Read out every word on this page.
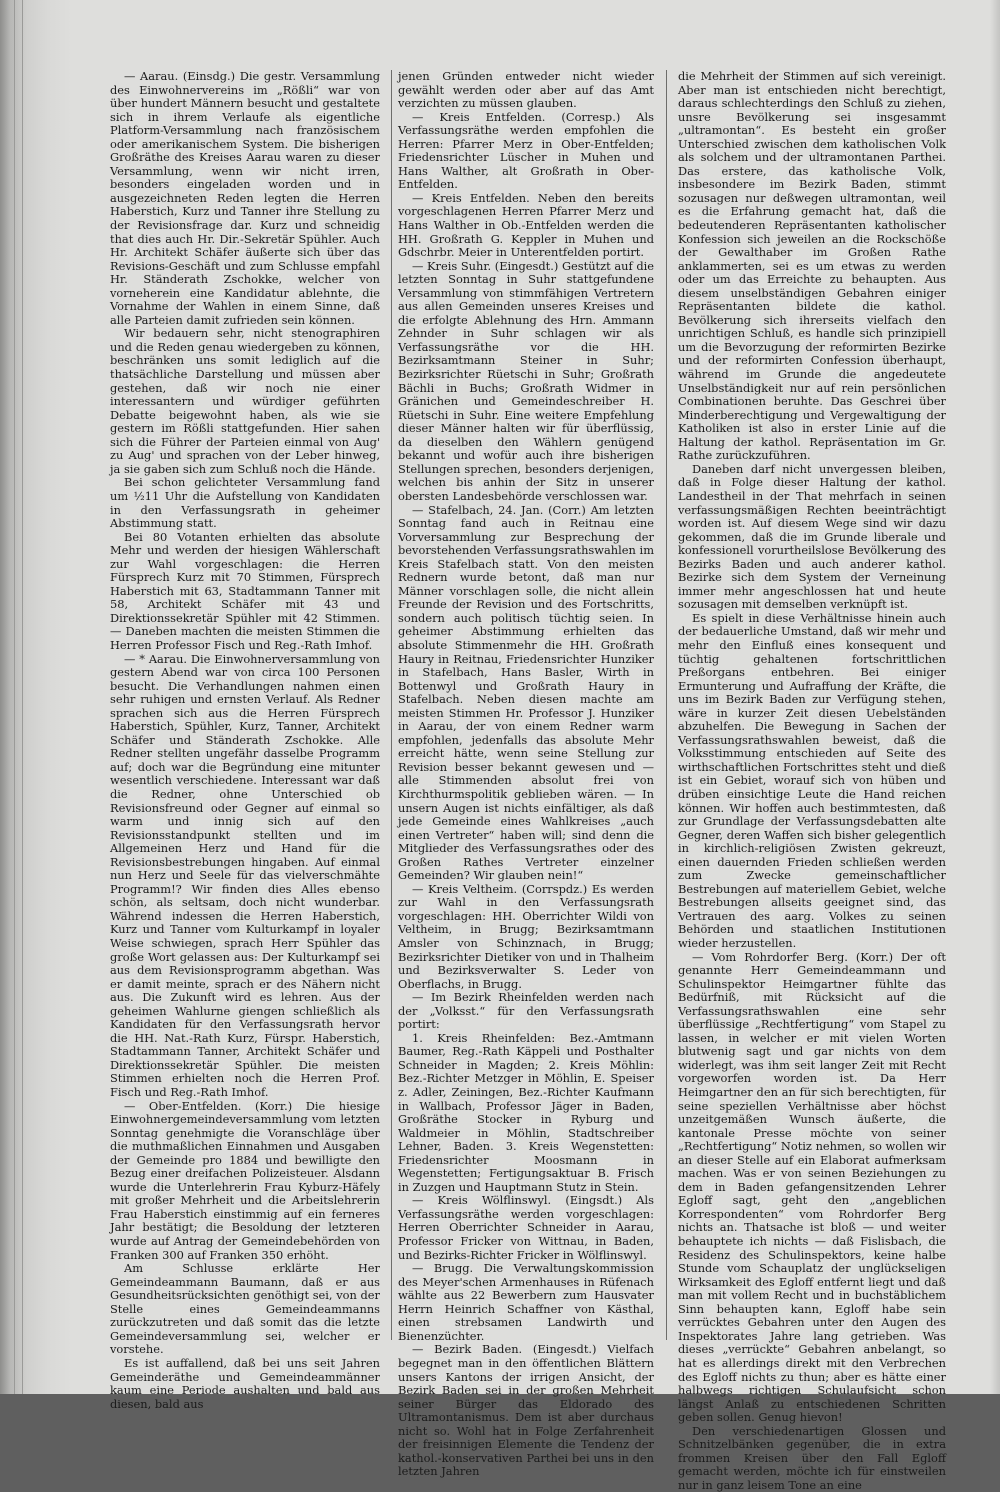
— Aarau. (Einsdg.) Die gestr. Versammlung des Einwohnervereins im „Rößli“ war von über hundert Männern besucht und gestaltete sich in ihrem Verlaufe als eigentliche Platform-Versammlung nach französischem oder amerikanischem System. Die bisherigen Großräthe des Kreises Aarau waren zu dieser Versammlung, wenn wir nicht irren, besonders eingeladen worden und in ausgezeichneten Reden legten die Herren Haberstich, Kurz und Tanner ihre Stellung zu der Revisionsfrage dar. Kurz und schneidig that dies auch Hr. Dir.-Sekretär Spühler. Auch Hr. Architekt Schäfer äußerte sich über das Revisions-Geschäft und zum Schlusse empfahl Hr. Ständerath Zschokke, welcher von vorneherein eine Kandidatur ablehnte, die Vornahme der Wahlen in einem Sinne, daß alle Parteien damit zufrieden sein können.

Wir bedauern sehr, nicht stenographiren und die Reden genau wiedergeben zu können, beschränken uns somit lediglich auf die thatsächliche Darstellung und müssen aber gestehen, daß wir noch nie einer interessantern und würdiger geführten Debatte beigewohnt haben, als wie sie gestern im Rößli stattgefunden. Hier sahen sich die Führer der Parteien einmal von Aug' zu Aug' und sprachen von der Leber hinweg, ja sie gaben sich zum Schluß noch die Hände.

Bei schon gelichteter Versammlung fand um ½11 Uhr die Aufstellung von Kandidaten in den Verfassungsrath in geheimer Abstimmung statt.

Bei 80 Votanten erhielten das absolute Mehr und werden der hiesigen Wählerschaft zur Wahl vorgeschlagen: die Herren Fürsprech Kurz mit 70 Stimmen, Fürsprech Haberstich mit 63, Stadtammann Tanner mit 58, Architekt Schäfer mit 43 und Direktionssekretär Spühler mit 42 Stimmen. — Daneben machten die meisten Stimmen die Herren Professor Fisch und Reg.-Rath Imhof.

— * Aarau. Die Einwohnerversammlung von gestern Abend war von circa 100 Personen besucht. Die Verhandlungen nahmen einen sehr ruhigen und ernsten Verlauf. Als Redner sprachen sich aus die Herren Fürsprech Haberstich, Spühler, Kurz, Tanner, Architekt Schäfer und Ständerath Zschokke. Alle Redner stellten ungefähr dasselbe Programm auf; doch war die Begründung eine mitunter wesentlich verschiedene. Interessant war daß die Redner, ohne Unterschied ob Revisionsfreund oder Gegner auf einmal so warm und innig sich auf den Revisionsstandpunkt stellten und im Allgemeinen Herz und Hand für die Revisionsbestrebungen hingaben. Auf einmal nun Herz und Seele für das vielverschmähte Programm!? Wir finden dies Alles ebenso schön, als seltsam, doch nicht wunderbar. Während indessen die Herren Haberstich, Kurz und Tanner vom Kulturkampf in loyaler Weise schwiegen, sprach Herr Spühler das große Wort gelassen aus: Der Kulturkampf sei aus dem Revisionsprogramm abgethan. Was er damit meinte, sprach er des Nähern nicht aus. Die Zukunft wird es lehren. Aus der geheimen Wahlurne giengen schließlich als Kandidaten für den Verfassungsrath hervor die HH. Nat.-Rath Kurz, Fürspr. Haberstich, Stadtammann Tanner, Architekt Schäfer und Direktionssekretär Spühler. Die meisten Stimmen erhielten noch die Herren Prof. Fisch und Reg.-Rath Imhof.

— Ober-Entfelden. (Korr.) Die hiesige Einwohnergemeindeversammlung vom letzten Sonntag genehmigte die Voranschläge über die muthmaßlichen Einnahmen und Ausgaben der Gemeinde pro 1884 und bewilligte den Bezug einer dreifachen Polizeisteuer. Alsdann wurde die Unterlehrerin Frau Kyburz-Häfely mit großer Mehrheit und die Arbeitslehrerin Frau Haberstich einstimmig auf ein ferneres Jahr bestätigt; die Besoldung der letzteren wurde auf Antrag der Gemeindebehörden von Franken 300 auf Franken 350 erhöht.

Am Schlusse erklärte Her Gemeindeammann Baumann, daß er aus Gesundheitsrücksichten genöthigt sei, von der Stelle eines Gemeindeammanns zurückzutreten und daß somit das die letzte Gemeindeversammlung sei, welcher er vorstehe.

Es ist auffallend, daß bei uns seit Jahren Gemeinderäthe und Gemeindeammänner kaum eine Periode aushalten und bald aus diesen, bald aus

jenen Gründen entweder nicht wieder gewählt werden oder aber auf das Amt verzichten zu müssen glauben.

— Kreis Entfelden. (Corresp.) Als Verfassungsräthe werden empfohlen die Herren: Pfarrer Merz in Ober-Entfelden; Friedensrichter Lüscher in Muhen und Hans Walther, alt Großrath in Ober-Entfelden.

— Kreis Entfelden. Neben den bereits vorgeschlagenen Herren Pfarrer Merz und Hans Walther in Ob.-Entfelden werden die HH. Großrath G. Keppler in Muhen und Gdschrbr. Meier in Unterentfelden portirt.

— Kreis Suhr. (Eingesdt.) Gestützt auf die letzten Sonntag in Suhr stattgefundene Versammlung von stimmfähigen Vertretern aus allen Gemeinden unseres Kreises und die erfolgte Ablehnung des Hrn. Ammann Zehnder in Suhr schlagen wir als Verfassungsräthe vor die HH. Bezirksamtmann Steiner in Suhr; Bezirksrichter Rüetschi in Suhr; Großrath Bächli in Buchs; Großrath Widmer in Gränichen und Gemeindeschreiber H. Rüetschi in Suhr. Eine weitere Empfehlung dieser Männer halten wir für überflüssig, da dieselben den Wählern genügend bekannt und wofür auch ihre bisherigen Stellungen sprechen, besonders derjenigen, welchen bis anhin der Sitz in unserer obersten Landesbehörde verschlossen war.

— Stafelbach, 24. Jan. (Corr.) Am letzten Sonntag fand auch in Reitnau eine Vorversammlung zur Besprechung der bevorstehenden Verfassungsrathswahlen im Kreis Stafelbach statt. Von den meisten Rednern wurde betont, daß man nur Männer vorschlagen solle, die nicht allein Freunde der Revision und des Fortschritts, sondern auch politisch tüchtig seien. In geheimer Abstimmung erhielten das absolute Stimmenmehr die HH. Großrath Haury in Reitnau, Friedensrichter Hunziker in Stafelbach, Hans Basler, Wirth in Bottenwyl und Großrath Haury in Stafelbach. Neben diesen machte am meisten Stimmen Hr. Professor J. Hunziker in Aarau, der von einem Redner warm empfohlen, jedenfalls das absolute Mehr erreicht hätte, wenn seine Stellung zur Revision besser bekannt gewesen und — alle Stimmenden absolut frei von Kirchthurmspolitik geblieben wären. — In unsern Augen ist nichts einfältiger, als daß jede Gemeinde eines Wahlkreises „auch einen Vertreter“ haben will; sind denn die Mitglieder des Verfassungsrathes oder des Großen Rathes Vertreter einzelner Gemeinden? Wir glauben nein!“

— Kreis Veltheim. (Corrspdz.) Es werden zur Wahl in den Verfassungsrath vorgeschlagen: HH. Oberrichter Wildi von Veltheim, in Brugg; Bezirksamtmann Amsler von Schinznach, in Brugg; Bezirksrichter Dietiker von und in Thalheim und Bezirksverwalter S. Leder von Oberflachs, in Brugg.

— Im Bezirk Rheinfelden werden nach der „Volksst.“ für den Verfassungsrath portirt:

1. Kreis Rheinfelden: Bez.-Amtmann Baumer, Reg.-Rath Käppeli und Posthalter Schneider in Magden; 2. Kreis Möhlin: Bez.-Richter Metzger in Möhlin, E. Speiser z. Adler, Zeiningen, Bez.-Richter Kaufmann in Wallbach, Professor Jäger in Baden, Großräthe Stocker in Ryburg und Waldmeier in Möhlin, Stadtschreiber Lehner, Baden. 3. Kreis Wegenstetten: Friedensrichter Moosmann in Wegenstetten; Fertigungsaktuar B. Frisch in Zuzgen und Hauptmann Stutz in Stein.

— Kreis Wölflinswyl. (Eingsdt.) Als Verfassungsräthe werden vorgeschlagen: Herren Oberrichter Schneider in Aarau, Professor Fricker von Wittnau, in Baden, und Bezirks-Richter Fricker in Wölflinswyl.

— Brugg. Die Verwaltungskommission des Meyer'schen Armenhauses in Rüfenach wählte aus 22 Bewerbern zum Hausvater Herrn Heinrich Schaffner von Kästhal, einen strebsamen Landwirth und Bienenzüchter.

— Bezirk Baden. (Eingesdt.) Vielfach begegnet man in den öffentlichen Blättern unsers Kantons der irrigen Ansicht, der Bezirk Baden sei in der großen Mehrheit seiner Bürger das Eldorado des Ultramontanismus. Dem ist aber durchaus nicht so. Wohl hat in Folge Zerfahrenheit der freisinnigen Elemente die Tendenz der kathol.-konservativen Parthei bei uns in den letzten Jahren

die Mehrheit der Stimmen auf sich vereinigt. Aber man ist entschieden nicht berechtigt, daraus schlechterdings den Schluß zu ziehen, unsre Bevölkerung sei insgesammt „ultramontan“. Es besteht ein großer Unterschied zwischen dem katholischen Volk als solchem und der ultramontanen Parthei. Das erstere, das katholische Volk, insbesondere im Bezirk Baden, stimmt sozusagen nur deßwegen ultramontan, weil es die Erfahrung gemacht hat, daß die bedeutenderen Repräsentanten katholischer Konfession sich jeweilen an die Rockschöße der Gewalthaber im Großen Rathe anklammerten, sei es um etwas zu werden oder um das Erreichte zu behaupten. Aus diesem unselbständigen Gebahren einiger Repräsentanten bildete die kathol. Bevölkerung sich ihrerseits vielfach den unrichtigen Schluß, es handle sich prinzipiell um die Bevorzugung der reformirten Bezirke und der reformirten Confession überhaupt, während im Grunde die angedeutete Unselbständigkeit nur auf rein persönlichen Combinationen beruhte. Das Geschrei über Minderberechtigung und Vergewaltigung der Katholiken ist also in erster Linie auf die Haltung der kathol. Repräsentation im Gr. Rathe zurückzuführen.

Daneben darf nicht unvergessen bleiben, daß in Folge dieser Haltung der kathol. Landestheil in der That mehrfach in seinen verfassungsmäßigen Rechten beeinträchtigt worden ist. Auf diesem Wege sind wir dazu gekommen, daß die im Grunde liberale und konfessionell vorurtheilslose Bevölkerung des Bezirks Baden und auch anderer kathol. Bezirke sich dem System der Verneinung immer mehr angeschlossen hat und heute sozusagen mit demselben verknüpft ist.

Es spielt in diese Verhältnisse hinein auch der bedauerliche Umstand, daß wir mehr und mehr den Einfluß eines konsequent und tüchtig gehaltenen fortschrittlichen Preßorgans entbehren. Bei einiger Ermunterung und Aufraffung der Kräfte, die uns im Bezirk Baden zur Verfügung stehen, wäre in kurzer Zeit diesen Uebelständen abzuhelfen. Die Bewegung in Sachen der Verfassungsrathswahlen beweist, daß die Volksstimmung entschieden auf Seite des wirthschaftlichen Fortschrittes steht und dieß ist ein Gebiet, worauf sich von hüben und drüben einsichtige Leute die Hand reichen können. Wir hoffen auch bestimmtesten, daß zur Grundlage der Verfassungsdebatten alte Gegner, deren Waffen sich bisher gelegentlich in kirchlich-religiösen Zwisten gekreuzt, einen dauernden Frieden schließen werden zum Zwecke gemeinschaftlicher Bestrebungen auf materiellem Gebiet, welche Bestrebungen allseits geeignet sind, das Vertrauen des aarg. Volkes zu seinen Behörden und staatlichen Institutionen wieder herzustellen.

— Vom Rohrdorfer Berg. (Korr.) Der oft genannte Herr Gemeindeammann und Schulinspektor Heimgartner fühlte das Bedürfniß, mit Rücksicht auf die Verfassungsrathswahlen eine sehr überflüssige „Rechtfertigung“ vom Stapel zu lassen, in welcher er mit vielen Worten blutwenig sagt und gar nichts von dem widerlegt, was ihm seit langer Zeit mit Recht vorgeworfen worden ist. Da Herr Heimgartner den an für sich berechtigten, für seine speziellen Verhältnisse aber höchst unzeitgemäßen Wunsch äußerte, die kantonale Presse möchte von seiner „Rechtfertigung“ Notiz nehmen, so wollen wir an dieser Stelle auf ein Elaborat aufmerksam machen. Was er von seinen Beziehungen zu dem in Baden gefangensitzenden Lehrer Egloff sagt, geht den „angeblichen Korrespondenten“ vom Rohrdorfer Berg nichts an. Thatsache ist bloß — und weiter behauptete ich nichts — daß Fislisbach, die Residenz des Schulinspektors, keine halbe Stunde vom Schauplatz der unglückseligen Wirksamkeit des Egloff entfernt liegt und daß man mit vollem Recht und in buchstäblichem Sinn behaupten kann, Egloff habe sein verrücktes Gebahren unter den Augen des Inspektorates Jahre lang getrieben. Was dieses „verrückte“ Gebahren anbelangt, so hat es allerdings direkt mit den Verbrechen des Egloff nichts zu thun; aber es hätte einer halbwegs richtigen Schulaufsicht schon längst Anlaß zu entschiedenen Schritten geben sollen. Genug hievon!

Den verschiedenartigen Glossen und Schnitzelbänken gegenüber, die in extra frommen Kreisen über den Fall Egloff gemacht werden, möchte ich für einstweilen nur in ganz leisem Tone an eine
